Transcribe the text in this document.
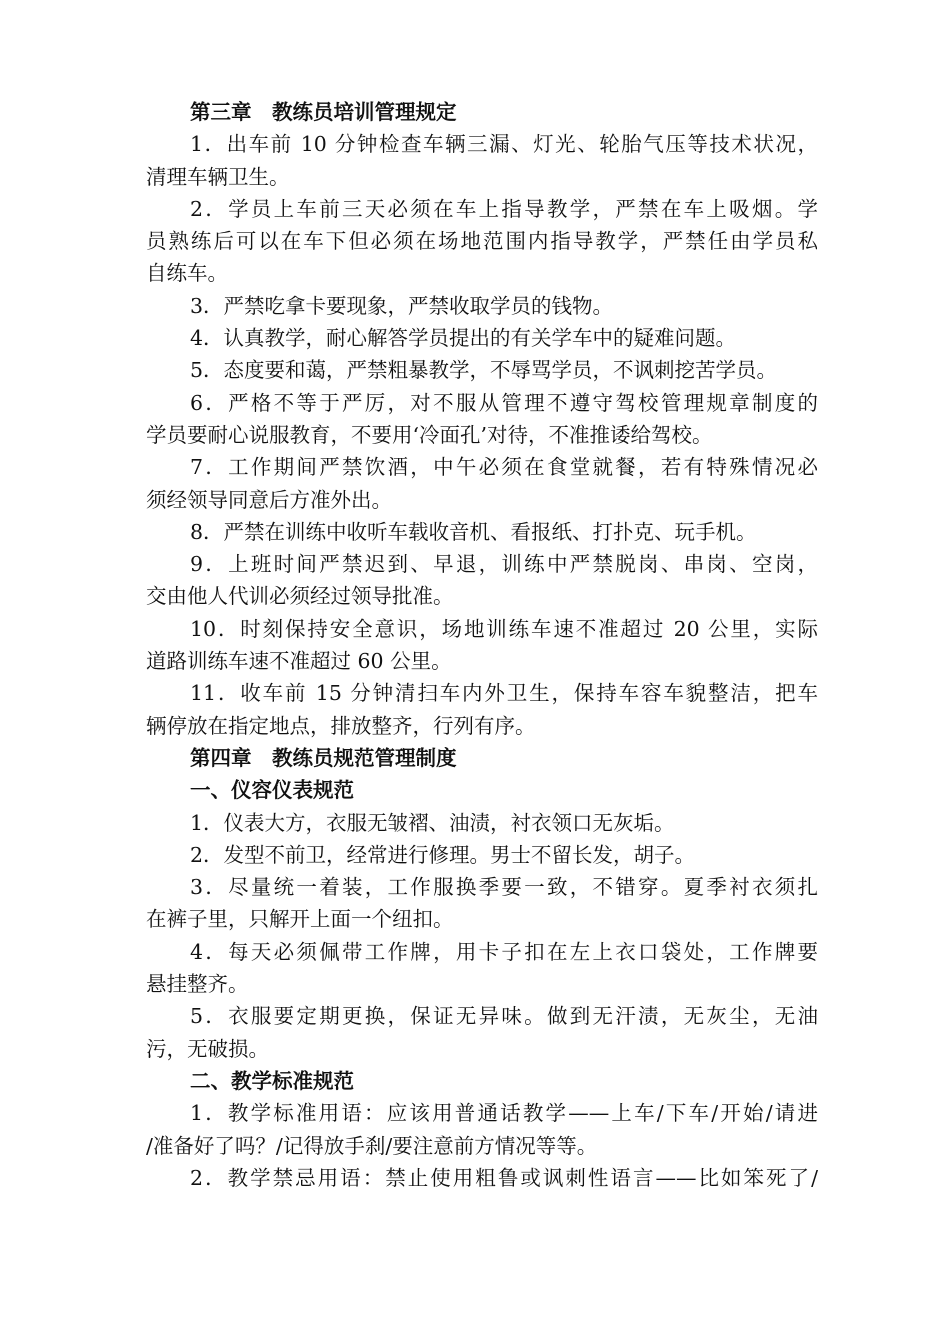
第三章　教练员培训管理规定
1．出车前 10 分钟检查车辆三漏、灯光、轮胎气压等技术状况，
清理车辆卫生。
2．学员上车前三天必须在车上指导教学，严禁在车上吸烟。学
员熟练后可以在车下但必须在场地范围内指导教学，严禁任由学员私
自练车。
3．严禁吃拿卡要现象，严禁收取学员的钱物。
4．认真教学，耐心解答学员提出的有关学车中的疑难问题。
5．态度要和蔼，严禁粗暴教学，不辱骂学员，不讽刺挖苦学员。
6．严格不等于严厉，对不服从管理不遵守驾校管理规章制度的
学员要耐心说服教育，不要用‘冷面孔’对待，不准推诿给驾校。
7．工作期间严禁饮酒，中午必须在食堂就餐，若有特殊情况必
须经领导同意后方准外出。
8．严禁在训练中收听车载收音机、看报纸、打扑克、玩手机。
9．上班时间严禁迟到、早退，训练中严禁脱岗、串岗、空岗，
交由他人代训必须经过领导批准。
10．时刻保持安全意识，场地训练车速不准超过 20 公里，实际
道路训练车速不准超过 60 公里。
11．收车前 15 分钟清扫车内外卫生，保持车容车貌整洁，把车
辆停放在指定地点，排放整齐，行列有序。
第四章　教练员规范管理制度
一、仪容仪表规范
1．仪表大方，衣服无皱褶、油渍，衬衣领口无灰垢。
2．发型不前卫，经常进行修理。男士不留长发，胡子。
3．尽量统一着装，工作服换季要一致，不错穿。夏季衬衣须扎
在裤子里，只解开上面一个纽扣。
4．每天必须佩带工作牌，用卡子扣在左上衣口袋处，工作牌要
悬挂整齐。
5．衣服要定期更换，保证无异味。做到无汗渍，无灰尘，无油
污，无破损。
二、教学标准规范
1．教学标准用语：应该用普通话教学——上车/下车/开始/请进
/准备好了吗？/记得放手刹/要注意前方情况等等。
2．教学禁忌用语：禁止使用粗鲁或讽刺性语言——比如笨死了/
